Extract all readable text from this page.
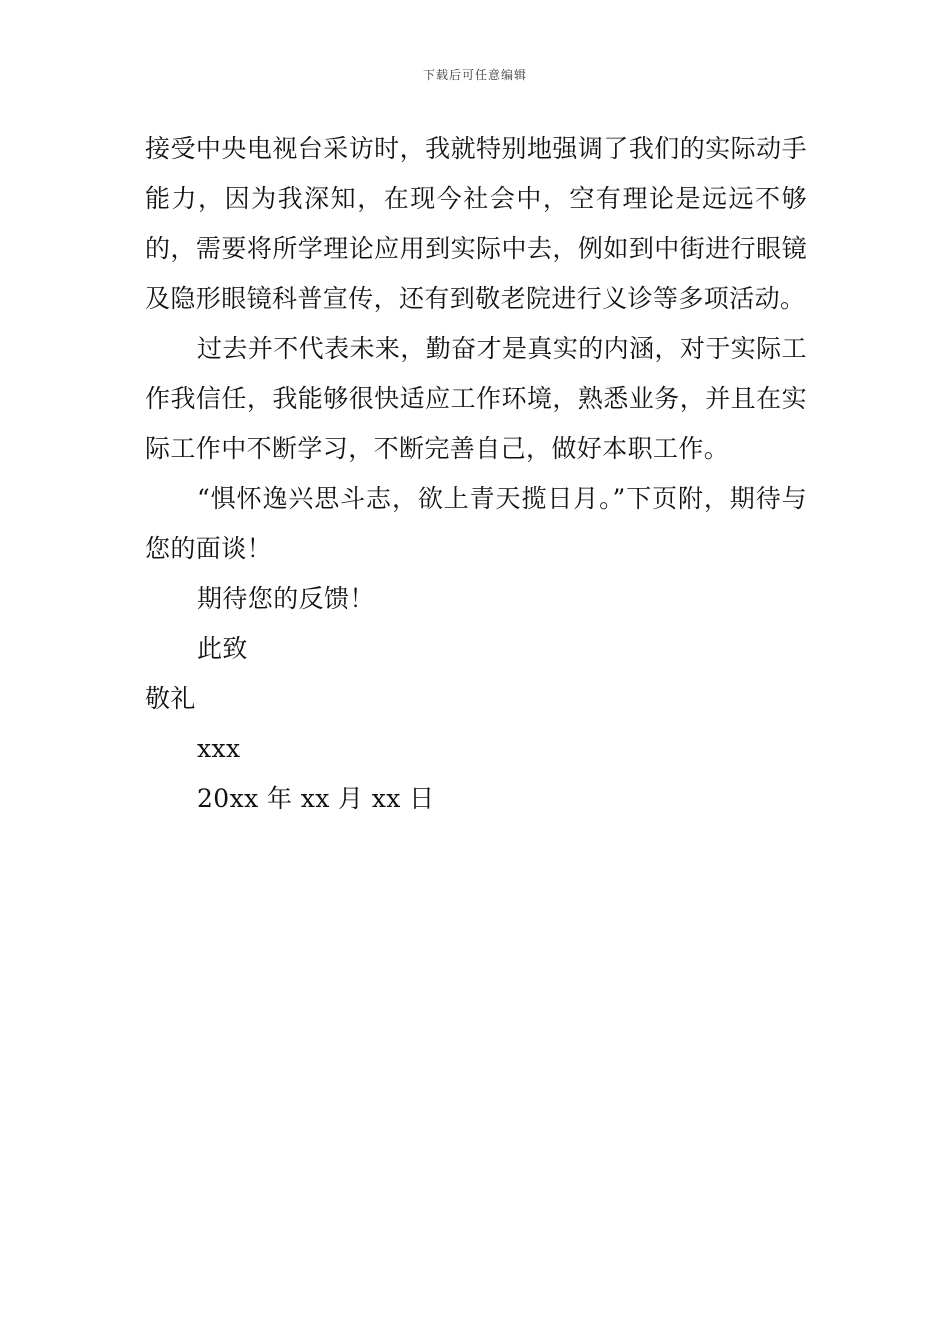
下载后可任意编辑

接受中央电视台采访时，我就特别地强调了我们的实际动手能力，因为我深知，在现今社会中，空有理论是远远不够的，需要将所学理论应用到实际中去，例如到中街进行眼镜及隐形眼镜科普宣传，还有到敬老院进行义诊等多项活动。

过去并不代表未来，勤奋才是真实的内涵，对于实际工作我信任，我能够很快适应工作环境，熟悉业务，并且在实际工作中不断学习，不断完善自己，做好本职工作。

“惧怀逸兴思斗志，欲上青天揽日月。”下页附，期待与您的面谈！

期待您的反馈！

此致

敬礼

xxx

20xx 年 xx 月 xx 日
